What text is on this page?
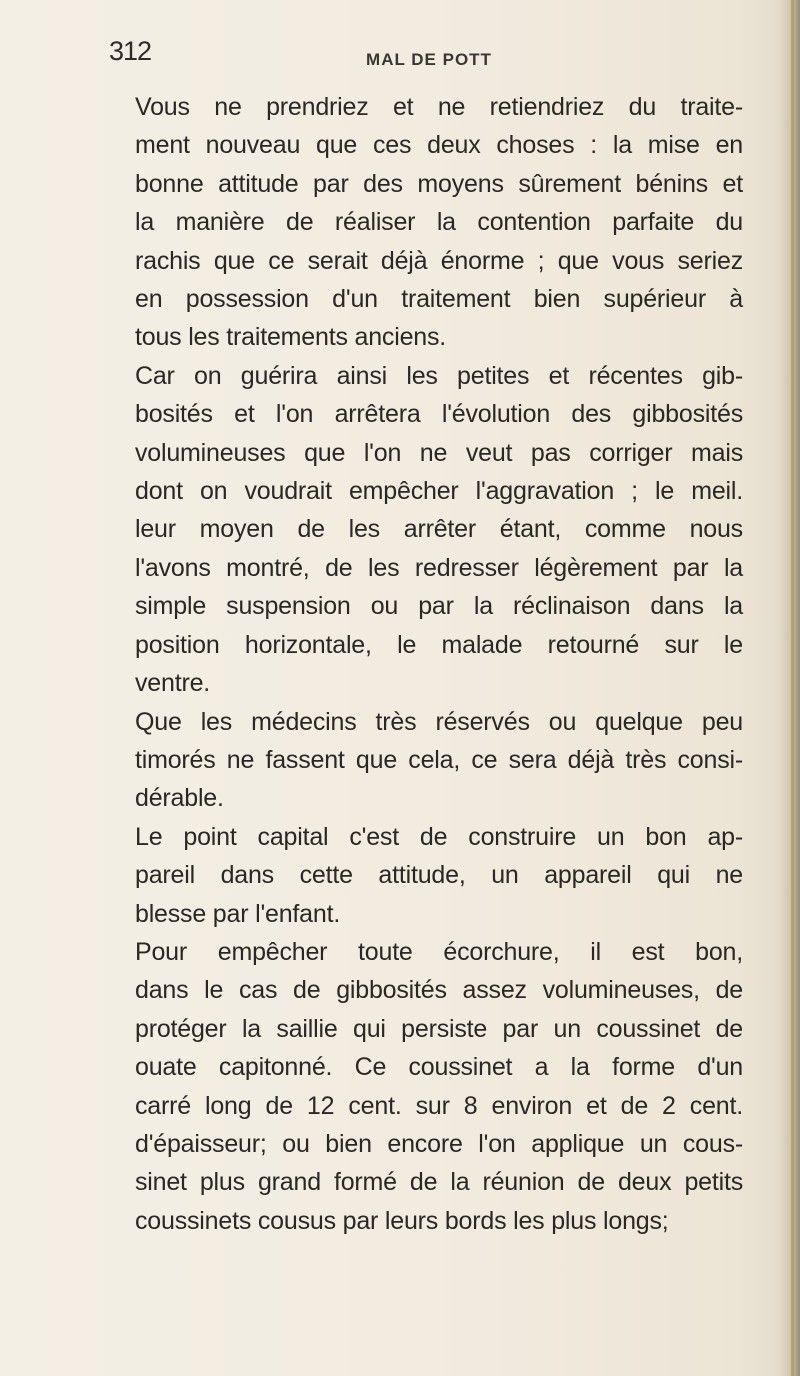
312	MAL DE POTT

Vous ne prendriez et ne retiendriez du traite-
ment nouveau que ces deux choses : la mise en
bonne attitude par des moyens sûrement bénins et
la manière de réaliser la contention parfaite du
rachis que ce serait déjà énorme ; que vous seriez
en possession d'un traitement bien supérieur à
tous les traitements anciens.

Car on guérira ainsi les petites et récentes gib-
bosités et l'on arrêtera l'évolution des gibbosités
volumineuses que l'on ne veut pas corriger mais
dont on voudrait empêcher l'aggravation ; le meil.
leur moyen de les arrêter étant, comme nous
l'avons montré, de les redresser légèrement par la
simple suspension ou par la réclinaison dans la
position horizontale, le malade retourné sur le
ventre.

Que les médecins très réservés ou quelque peu
timorés ne fassent que cela, ce sera déjà très consi-
dérable.

Le point capital c'est de construire un bon ap-
pareil dans cette attitude, un appareil qui ne
blesse par l'enfant.

Pour empêcher toute écorchure, il est bon,
dans le cas de gibbosités assez volumineuses, de
protéger la saillie qui persiste par un coussinet de
ouate capitonné. Ce coussinet a la forme d'un
carré long de 12 cent. sur 8 environ et de 2 cent.
d'épaisseur; ou bien encore l'on applique un cous-
sinet plus grand formé de la réunion de deux petits
coussinets cousus par leurs bords les plus longs;
